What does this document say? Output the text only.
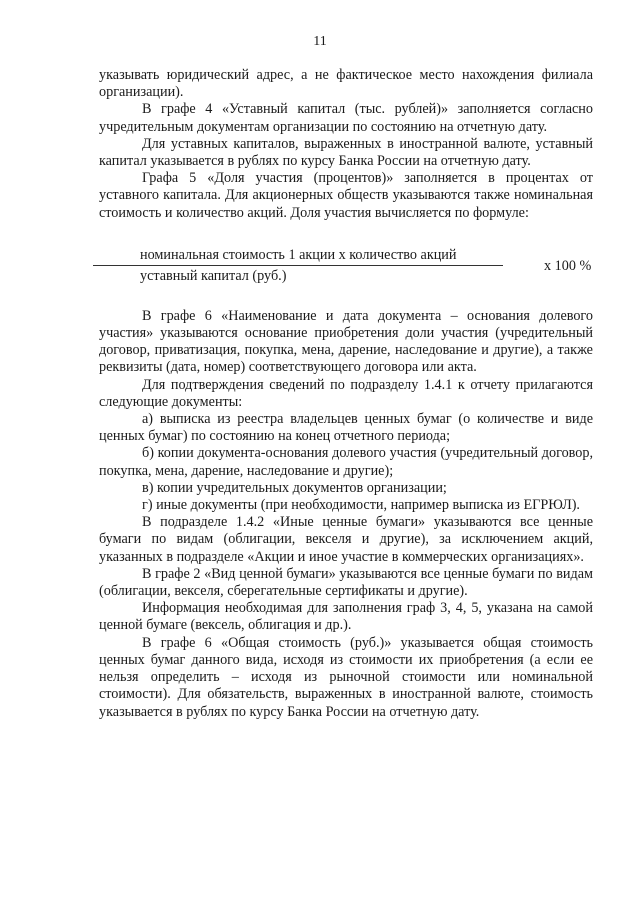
11

указывать юридический адрес, а не фактическое место нахождения филиала организации).

В графе 4 «Уставный капитал (тыс. рублей)» заполняется согласно учредительным документам организации по состоянию на отчетную дату.

Для уставных капиталов, выраженных в иностранной валюте, уставный капитал указывается в рублях по курсу Банка России на отчетную дату.

Графа 5 «Доля участия (процентов)» заполняется в процентах от уставного капитала. Для акционерных обществ указываются также номинальная стоимость и количество акций. Доля участия вычисляется по формуле:

номинальная стоимость 1 акции х количество акций
уставный капитал (руб.)
х 100 %

В графе 6 «Наименование и дата документа – основания долевого участия» указываются основание приобретения доли участия (учредительный договор, приватизация, покупка, мена, дарение, наследование и другие), а также реквизиты (дата, номер) соответствующего договора или акта.

Для подтверждения сведений по подразделу 1.4.1 к отчету прилагаются следующие документы:

а) выписка из реестра владельцев ценных бумаг (о количестве и виде ценных бумаг) по состоянию на конец отчетного периода;

б) копии документа-основания долевого участия (учредительный договор, покупка, мена, дарение, наследование и другие);

в) копии учредительных документов организации;

г) иные документы (при необходимости, например выписка из ЕГРЮЛ).

В подразделе 1.4.2 «Иные ценные бумаги» указываются все ценные бумаги по видам (облигации, векселя и другие), за исключением акций, указанных в подразделе «Акции и иное участие в коммерческих организациях».

В графе 2 «Вид ценной бумаги» указываются все ценные бумаги по видам (облигации, векселя, сберегательные сертификаты и другие).

Информация необходимая для заполнения граф 3, 4, 5, указана на самой ценной бумаге (вексель, облигация и др.).

В графе 6 «Общая стоимость (руб.)» указывается общая стоимость ценных бумаг данного вида, исходя из стоимости их приобретения (а если ее нельзя определить – исходя из рыночной стоимости или номинальной стоимости). Для обязательств, выраженных в иностранной валюте, стоимость указывается в рублях по курсу Банка России на отчетную дату.
